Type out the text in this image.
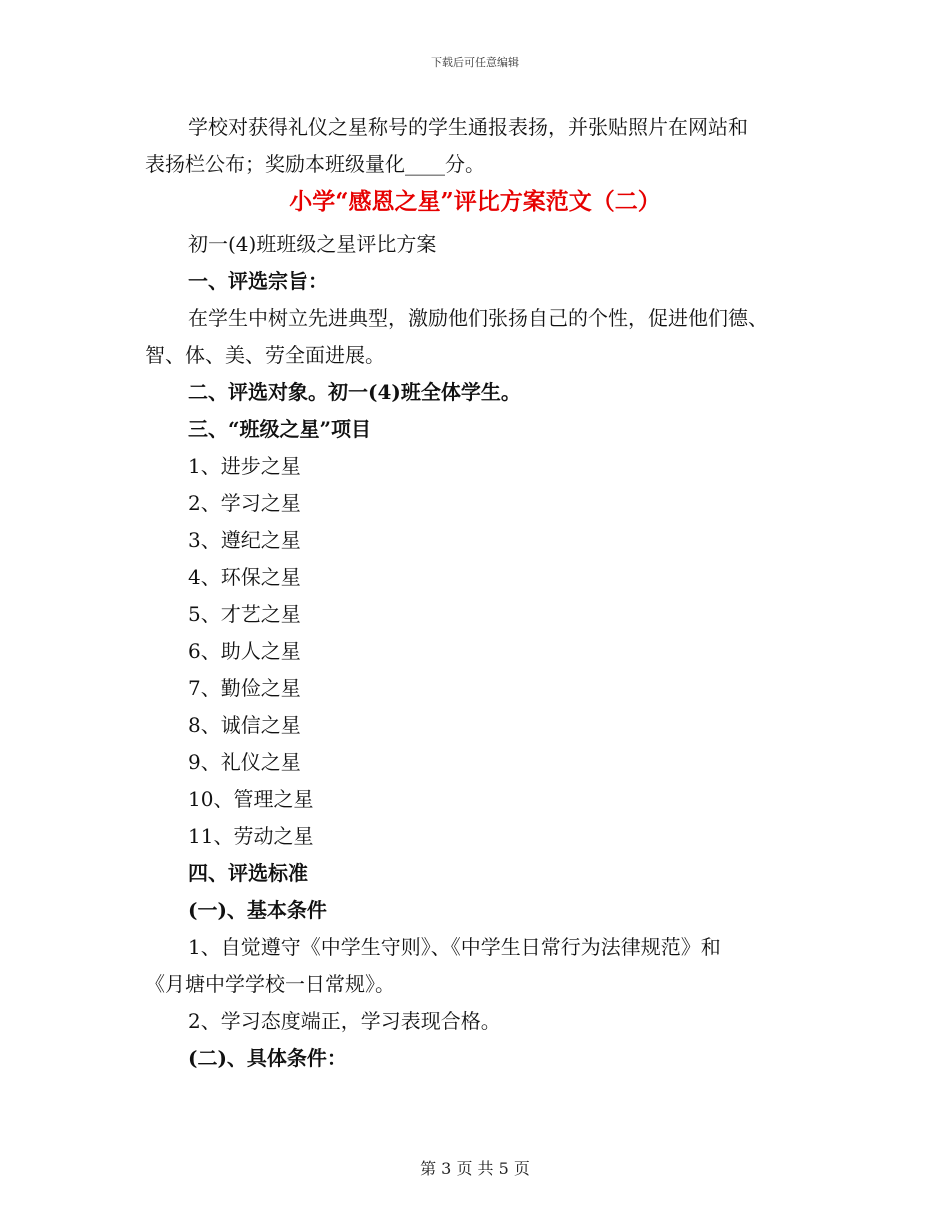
下载后可任意编辑
学校对获得礼仪之星称号的学生通报表扬，并张贴照片在网站和
表扬栏公布；奖励本班级量化____分。
小学“感恩之星”评比方案范文（二）
初一(4)班班级之星评比方案
一、评选宗旨：
在学生中树立先进典型，激励他们张扬自己的个性，促进他们德、
智、体、美、劳全面进展。
二、评选对象。初一(4)班全体学生。
三、“班级之星”项目
1、进步之星
2、学习之星
3、遵纪之星
4、环保之星
5、才艺之星
6、助人之星
7、勤俭之星
8、诚信之星
9、礼仪之星
10、管理之星
11、劳动之星
四、评选标准
(一)、基本条件
1、自觉遵守《中学生守则》、《中学生日常行为法律规范》和
《月塘中学学校一日常规》。
2、学习态度端正，学习表现合格。
(二)、具体条件：
第 3 页 共 5 页
